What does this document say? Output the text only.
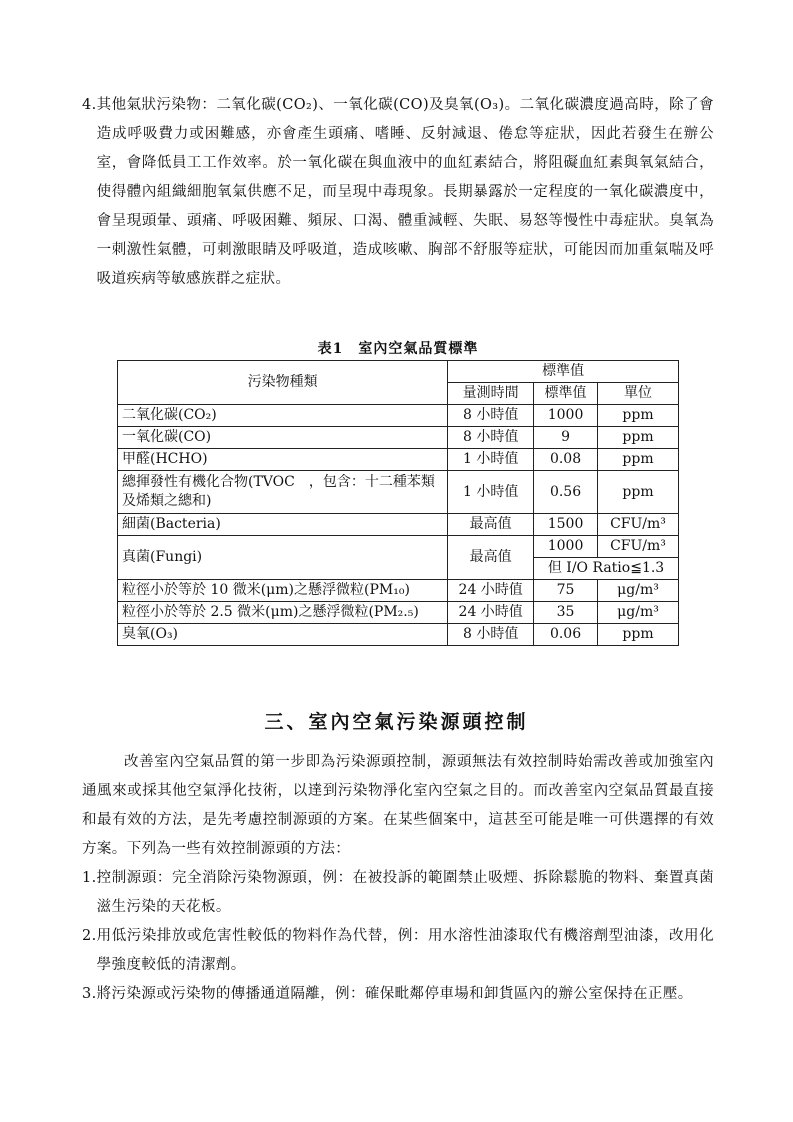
4. 其他氣狀污染物：二氧化碳(CO₂)、一氧化碳(CO)及臭氧(O₃)。二氧化碳濃度過高時，除了會造成呼吸費力或困難感，亦會產生頭痛、嗜睡、反射減退、倦怠等症狀，因此若發生在辦公室，會降低員工工作效率。於一氧化碳在與血液中的血紅素結合，將阻礙血紅素與氧氣結合，使得體內組織細胞氧氣供應不足，而呈現中毒現象。長期暴露於一定程度的一氧化碳濃度中，會呈現頭暈、頭痛、呼吸困難、頻尿、口渴、體重減輕、失眠、易怒等慢性中毒症狀。臭氧為一刺激性氣體，可刺激眼睛及呼吸道，造成咳嗽、胸部不舒服等症狀，可能因而加重氣喘及呼吸道疾病等敏感族群之症狀。
表1　室內空氣品質標準
污染物種類	標準值		
	量測時間	標準值	單位
二氧化碳(CO₂)	8 小時值	1000	ppm
一氧化碳(CO)	8 小時值	9	ppm
甲醛(HCHO)	1 小時值	0.08	ppm
總揮發性有機化合物(TVOC　，包含：十二種苯類及烯類之總和)	1 小時值	0.56	ppm
細菌(Bacteria)	最高值	1500	CFU/m³
真菌(Fungi)	最高值	1000	CFU/m³
		但 I/O Ratio≦1.3	
粒徑小於等於 10 微米(μm)之懸浮微粒(PM₁₀)	24 小時值	75	μg/m³
粒徑小於等於 2.5 微米(μm)之懸浮微粒(PM₂.₅)	24 小時值	35	μg/m³
臭氧(O₃)	8 小時值	0.06	ppm
三、室內空氣污染源頭控制
改善室內空氣品質的第一步即為污染源頭控制，源頭無法有效控制時始需改善或加強室內通風來或採其他空氣淨化技術，以達到污染物淨化室內空氣之目的。而改善室內空氣品質最直接和最有效的方法，是先考慮控制源頭的方案。在某些個案中，這甚至可能是唯一可供選擇的有效方案。下列為一些有效控制源頭的方法：
1. 控制源頭：完全消除污染物源頭，例：在被投訴的範圍禁止吸煙、拆除鬆脆的物料、棄置真菌滋生污染的天花板。
2. 用低污染排放或危害性較低的物料作為代替，例：用水溶性油漆取代有機溶劑型油漆，改用化學強度較低的清潔劑。
3. 將污染源或污染物的傳播通道隔離，例：確保毗鄰停車場和卸貨區內的辦公室保持在正壓。
